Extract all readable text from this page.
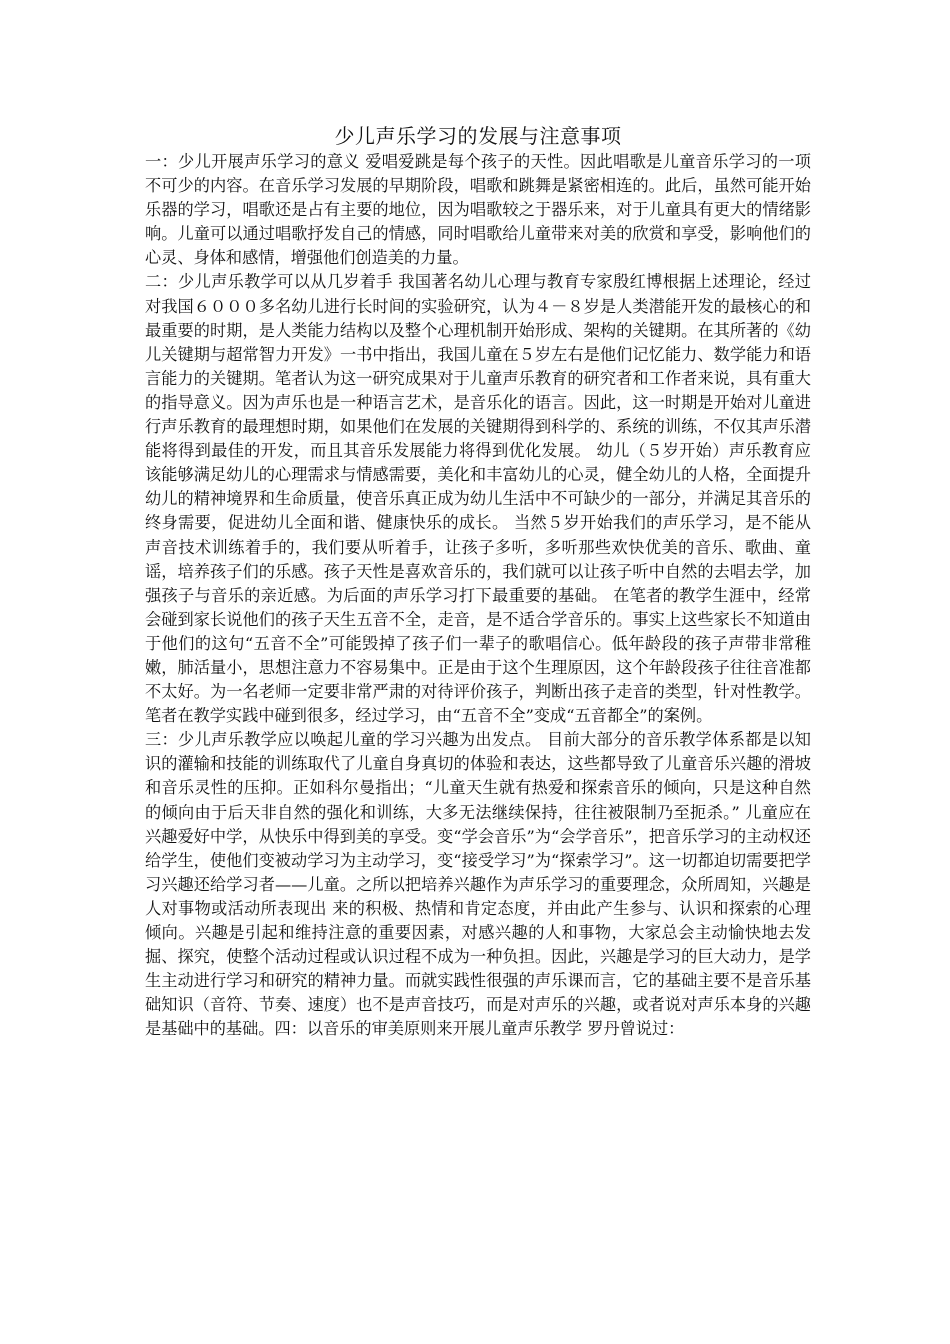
少儿声乐学习的发展与注意事项

一：少儿开展声乐学习的意义 爱唱爱跳是每个孩子的天性。因此唱歌是儿童音乐学习的一项不可少的内容。在音乐学习发展的早期阶段，唱歌和跳舞是紧密相连的。此后，虽然可能开始乐器的学习，唱歌还是占有主要的地位，因为唱歌较之于器乐来，对于儿童具有更大的情绪影响。儿童可以通过唱歌抒发自己的情感，同时唱歌给儿童带来对美的欣赏和享受，影响他们的心灵、身体和感情，增强他们创造美的力量。

二：少儿声乐教学可以从几岁着手 我国著名幼儿心理与教育专家殷红博根据上述理论，经过对我国６０００多名幼儿进行长时间的实验研究，认为４－８岁是人类潜能开发的最核心的和最重要的时期，是人类能力结构以及整个心理机制开始形成、架构的关键期。在其所著的《幼儿关键期与超常智力开发》一书中指出，我国儿童在５岁左右是他们记忆能力、数学能力和语言能力的关键期。笔者认为这一研究成果对于儿童声乐教育的研究者和工作者来说，具有重大的指导意义。因为声乐也是一种语言艺术，是音乐化的语言。因此，这一时期是开始对儿童进行声乐教育的最理想时期，如果他们在发展的关键期得到科学的、系统的训练，不仅其声乐潜能将得到最佳的开发，而且其音乐发展能力将得到优化发展。 幼儿（５岁开始）声乐教育应该能够满足幼儿的心理需求与情感需要，美化和丰富幼儿的心灵，健全幼儿的人格，全面提升幼儿的精神境界和生命质量，使音乐真正成为幼儿生活中不可缺少的一部分，并满足其音乐的终身需要，促进幼儿全面和谐、健康快乐的成长。 当然５岁开始我们的声乐学习，是不能从声音技术训练着手的，我们要从听着手，让孩子多听，多听那些欢快优美的音乐、歌曲、童谣，培养孩子们的乐感。孩子天性是喜欢音乐的，我们就可以让孩子听中自然的去唱去学，加强孩子与音乐的亲近感。为后面的声乐学习打下最重要的基础。 在笔者的教学生涯中，经常会碰到家长说他们的孩子天生五音不全，走音，是不适合学音乐的。事实上这些家长不知道由于他们的这句“五音不全”可能毁掉了孩子们一辈子的歌唱信心。低年龄段的孩子声带非常稚嫩，肺活量小，思想注意力不容易集中。正是由于这个生理原因，这个年龄段孩子往往音准都不太好。为一名老师一定要非常严肃的对待评价孩子，判断出孩子走音的类型，针对性教学。笔者在教学实践中碰到很多，经过学习，由“五音不全”变成“五音都全”的案例。

三：少儿声乐教学应以唤起儿童的学习兴趣为出发点。 目前大部分的音乐教学体系都是以知识的灌输和技能的训练取代了儿童自身真切的体验和表达，这些都导致了儿童音乐兴趣的滑坡和音乐灵性的压抑。正如科尔曼指出；“儿童天生就有热爱和探索音乐的倾向，只是这种自然的倾向由于后天非自然的强化和训练，大多无法继续保持，往往被限制乃至扼杀。” 儿童应在兴趣爱好中学，从快乐中得到美的享受。变“学会音乐”为“会学音乐”，把音乐学习的主动权还给学生，使他们变被动学习为主动学习，变“接受学习”为“探索学习”。这一切都迫切需要把学习兴趣还给学习者——儿童。之所以把培养兴趣作为声乐学习的重要理念，众所周知，兴趣是人对事物或活动所表现出 来的积极、热情和肯定态度，并由此产生参与、认识和探索的心理倾向。兴趣是引起和维持注意的重要因素，对感兴趣的人和事物，大家总会主动愉快地去发掘、探究，使整个活动过程或认识过程不成为一种负担。因此，兴趣是学习的巨大动力，是学生主动进行学习和研究的精神力量。而就实践性很强的声乐课而言，它的基础主要不是音乐基础知识（音符、节奏、速度）也不是声音技巧，而是对声乐的兴趣，或者说对声乐本身的兴趣是基础中的基础。四：以音乐的审美原则来开展儿童声乐教学 罗丹曾说过：
